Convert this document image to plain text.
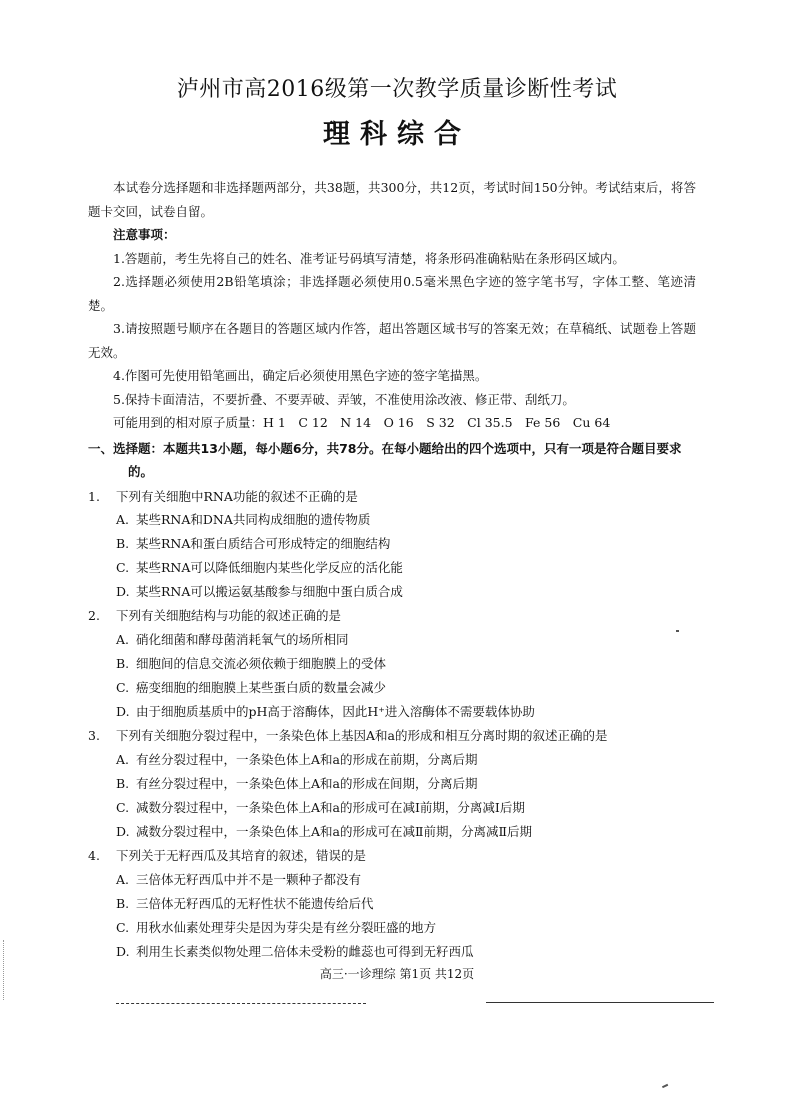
泸州市高2016级第一次教学质量诊断性考试
理科综合

本试卷分选择题和非选择题两部分，共38题，共300分，共12页，考试时间150分钟。考试结束后，将答题卡交回，试卷自留。

注意事项：

1.答题前，考生先将自己的姓名、准考证号码填写清楚，将条形码准确粘贴在条形码区域内。

2.选择题必须使用2B铅笔填涂；非选择题必须使用0.5毫米黑色字迹的签字笔书写，字体工整、笔迹清楚。

3.请按照题号顺序在各题目的答题区域内作答，超出答题区域书写的答案无效；在草稿纸、试题卷上答题无效。

4.作图可先使用铅笔画出，确定后必须使用黑色字迹的签字笔描黑。

5.保持卡面清洁，不要折叠、不要弄破、弄皱，不准使用涂改液、修正带、刮纸刀。

可能用到的相对原子质量：H 1　C 12　N 14　O 16　S 32　Cl 35.5　Fe 56　Cu 64

一、选择题：本题共13小题，每小题6分，共78分。在每小题给出的四个选项中，只有一项是符合题目要求的。
1.	下列有关细胞中RNA功能的叙述不正确的是
A. 某些RNA和DNA共同构成细胞的遗传物质
B. 某些RNA和蛋白质结合可形成特定的细胞结构
C. 某些RNA可以降低细胞内某些化学反应的活化能
D. 某些RNA可以搬运氨基酸参与细胞中蛋白质合成
2.	下列有关细胞结构与功能的叙述正确的是
A. 硝化细菌和酵母菌消耗氧气的场所相同
B. 细胞间的信息交流必须依赖于细胞膜上的受体
C. 癌变细胞的细胞膜上某些蛋白质的数量会减少
D. 由于细胞质基质中的pH高于溶酶体，因此H⁺进入溶酶体不需要载体协助
3.	下列有关细胞分裂过程中，一条染色体上基因A和a的形成和相互分离时期的叙述正确的是
A. 有丝分裂过程中，一条染色体上A和a的形成在前期，分离后期
B. 有丝分裂过程中，一条染色体上A和a的形成在间期，分离后期
C. 减数分裂过程中，一条染色体上A和a的形成可在减Ⅰ前期，分离减Ⅰ后期
D. 减数分裂过程中，一条染色体上A和a的形成可在减Ⅱ前期，分离减Ⅱ后期
4.	下列关于无籽西瓜及其培育的叙述，错误的是
A. 三倍体无籽西瓜中并不是一颗种子都没有
B. 三倍体无籽西瓜的无籽性状不能遗传给后代
C. 用秋水仙素处理芽尖是因为芽尖是有丝分裂旺盛的地方
D. 利用生长素类似物处理二倍体未受粉的雌蕊也可得到无籽西瓜

高三·一诊理综 第1页 共12页
